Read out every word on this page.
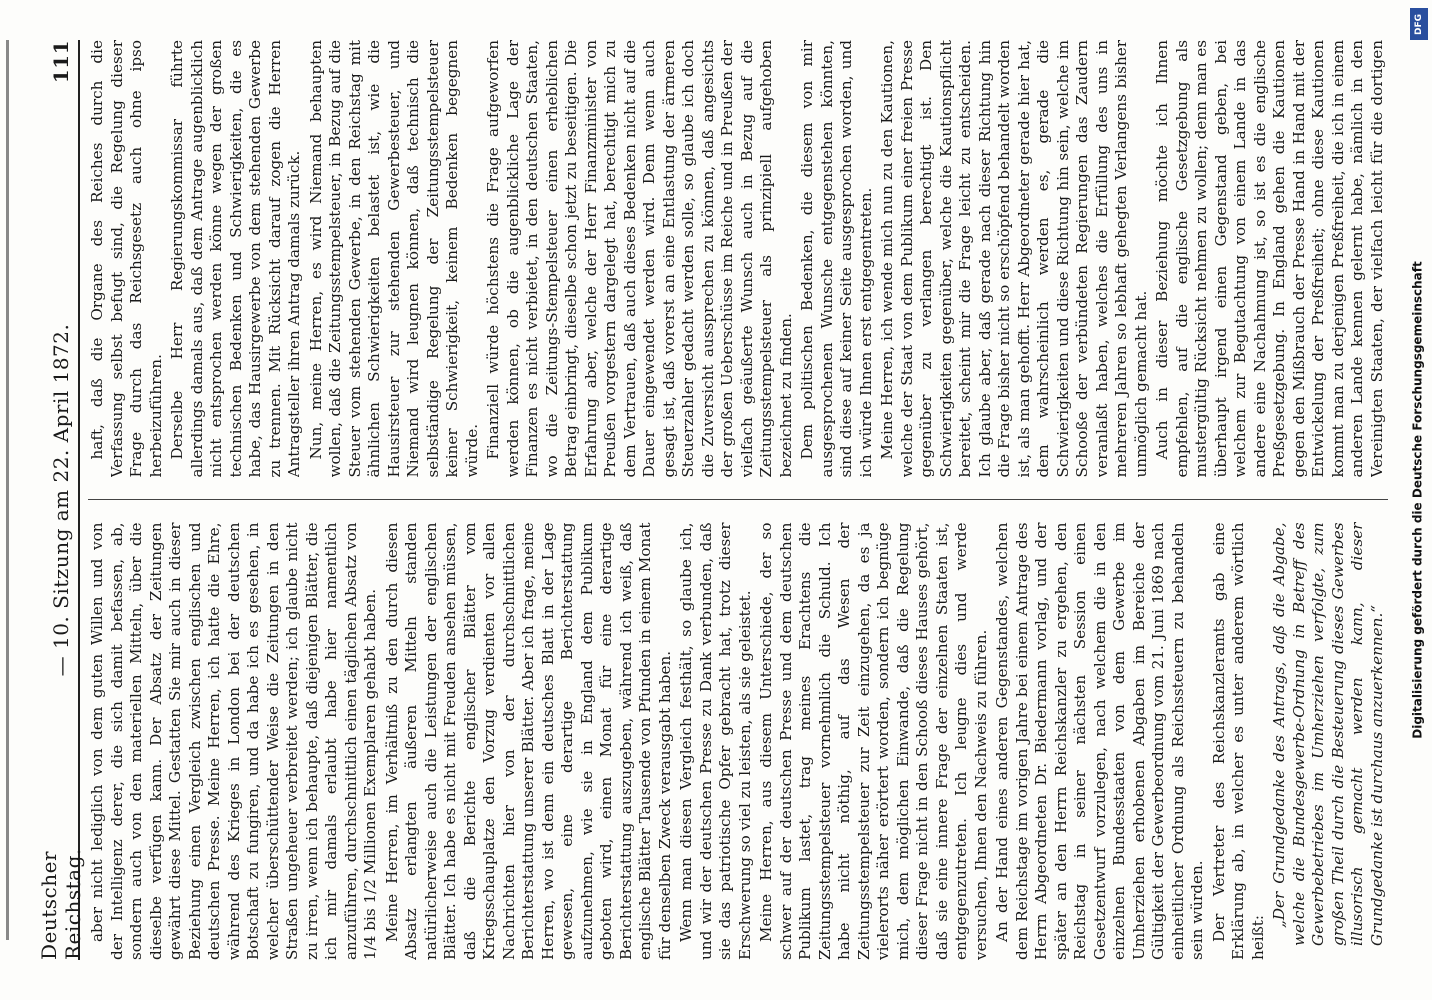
Deutscher Reichstag.
— 10. Sitzung am 22. April 1872.
111

aber nicht lediglich von dem guten Willen und von der Intelligenz derer, die sich damit befassen, ab, sondern auch von den materiellen Mitteln, über die dieselbe verfügen kann. Der Absatz der Zeitungen gewährt diese Mittel. Gestatten Sie mir auch in dieser Beziehung einen Vergleich zwischen englischen und deutschen Presse. Meine Herren, ich hatte die Ehre, während des Krieges in London bei der deutschen Botschaft zu fungiren, und da habe ich es gesehen, in welcher überschüttender Weise die Zeitungen in den Straßen ungeheuer verbreitet werden; ich glaube nicht zu irren, wenn ich behaupte, daß diejenigen Blätter, die ich mir damals erlaubt habe hier namentlich anzuführen, durchschnittlich einen täglichen Absatz von 1/4 bis 1/2 Millionen Exemplaren gehabt haben. Meine Herren, im Verhältniß zu den durch diesen Absatz erlangten äußeren Mitteln standen natürlicherweise auch die Leistungen der englischen Blätter. Ich habe es nicht mit Freuden ansehen müssen, daß die Berichte englischer Blätter vom Kriegsschauplatze den Vorzug verdienten vor allen Nachrichten hier von der durchschnittlichen Berichterstattung unserer Blätter. Aber ich frage, meine Herren, wo ist denn ein deutsches Blatt in der Lage gewesen, eine derartige Berichterstattung aufzunehmen, wie sie in England dem Publikum geboten wird, einen Monat für eine derartige Berichterstattung auszugeben, während ich weiß, daß englische Blätter Tausende von Pfunden in einem Monat für denselben Zweck verausgabt haben. Wenn man diesen Vergleich festhält, so glaube ich, und wir der deutschen Presse zu Dank verbunden, daß sie das patriotische Opfer gebracht hat, trotz dieser Erschwerung so viel zu leisten, als sie geleistet. Meine Herren, aus diesem Unterschiede, der so schwer auf der deutschen Presse und dem deutschen Publikum lastet, trag meines Erachtens die Zeitungsstempelsteuer vornehmlich die Schuld. Ich habe nicht nöthig, auf das Wesen der Zeitungsstempelsteuer zur Zeit einzugehen, da es ja vielerorts näher erörtert worden, sondern ich begnüge mich, dem möglichen Einwande, daß die Regelung dieser Frage nicht in den Schooß dieses Hauses gehört, daß sie eine innere Frage der einzelnen Staaten ist, entgegenzutreten. Ich leugne dies und werde versuchen, Ihnen den Nachweis zu führen. An der Hand eines anderen Gegenstandes, welchen dem Reichstage im vorigen Jahre bei einem Antrage des Herrn Abgeordneten Dr. Biedermann vorlag, und der später an den Herrn Reichskanzler zu ergehen, den Reichstag in seiner nächsten Session einen Gesetzentwurf vorzulegen, nach welchem die in den einzelnen Bundesstaaten von dem Gewerbe im Umherziehen erhobenen Abgaben im Bereiche der Gültigkeit der Gewerbeordnung vom 21. Juni 1869 nach einheitlicher Ordnung als Reichssteuern zu behandeln sein würden. Der Vertreter des Reichskanzleramts gab eine Erklärung ab, in welcher es unter anderem wörtlich heißt:

„Der Grundgedanke des Antrags, daß die Abgabe, welche die Bundesgewerbe-Ordnung in Betreff des Gewerbebetriebes im Umherziehen verfolgte, zum großen Theil durch die Besteuerung dieses Gewerbes illusorisch gemacht werden kann, dieser Grundgedanke ist durchaus anzuerkennen.“

haft, daß die Organe des Reiches durch die Verfassung selbst befugt sind, die Regelung dieser Frage durch das Reichsgesetz auch ohne ipso herbeizuführen. Derselbe Herr Regierungskommissar führte allerdings damals aus, daß dem Antrage augenblicklich nicht entsprochen werden könne wegen der großen technischen Bedenken und Schwierigkeiten, die es habe, das Hausirgewerbe von dem stehenden Gewerbe zu trennen. Mit Rücksicht darauf zogen die Herren Antragsteller ihren Antrag damals zurück. Nun, meine Herren, es wird Niemand behaupten wollen, daß die Zeitungsstempelsteuer, in Bezug auf die Steuer vom stehenden Gewerbe, in den Reichstag mit ähnlichen Schwierigkeiten belastet ist, wie die Hausirsteuer zur stehenden Gewerbesteuer, und Niemand wird leugnen können, daß technisch die selbständige Regelung der Zeitungsstempelsteuer keiner Schwierigkeit, keinem Bedenken begegnen würde. Finanziell würde höchstens die Frage aufgeworfen werden können, ob die augenblickliche Lage der Finanzen es nicht verbietet, in den deutschen Staaten, wo die Zeitungs-Stempelsteuer einen erheblichen Betrag einbringt, dieselbe schon jetzt zu beseitigen. Die Erfahrung aber, welche der Herr Finanzminister von Preußen vorgestern dargelegt hat, berechtigt mich zu dem Vertrauen, daß auch dieses Bedenken nicht auf die Dauer eingewendet werden wird. Denn wenn auch gesagt ist, daß vorerst an eine Entlastung der ärmeren Steuerzahler gedacht werden solle, so glaube ich doch die Zuversicht aussprechen zu können, daß angesichts der großen Ueberschüsse im Reiche und in Preußen der vielfach geäußerte Wunsch auch in Bezug auf die Zeitungsstempelsteuer als prinzipiell aufgehoben bezeichnet zu finden. Dem politischen Bedenken, die diesem von mir ausgesprochenen Wunsche entgegenstehen könnten, sind diese auf keiner Seite ausgesprochen worden, und ich würde Ihnen erst entgegentreten. Meine Herren, ich wende mich nun zu den Kautionen, welche der Staat von dem Publikum einer freien Presse gegenüber zu verlangen berechtigt ist. Den Schwierigkeiten gegenüber, welche die Kautionspflicht bereitet, scheint mir die Frage leicht zu entscheiden. Ich glaube aber, daß gerade nach dieser Richtung hin die Frage bisher nicht so erschöpfend behandelt worden ist, als man gehofft. Herr Abgeordneter gerade hier hat, dem wahrscheinlich werden es, gerade die Schwierigkeiten und diese Richtung hin sein, welche im Schooße der verbündeten Regierungen das Zaudern veranlaßt haben, welches die Erfüllung des uns in mehreren Jahren so lebhaft gehegten Verlangens bisher unmöglich gemacht hat. Auch in dieser Beziehung möchte ich Ihnen empfehlen, auf die englische Gesetzgebung als mustergültig Rücksicht nehmen zu wollen; denn man es überhaupt irgend einen Gegenstand geben, bei welchem zur Begutachtung von einem Lande in das andere eine Nachahmung ist, so ist es die englische Preßgesetzgebung. In England gehen die Kautionen gegen den Mißbrauch der Presse Hand in Hand mit der Entwickelung der Preßfreiheit; ohne diese Kautionen kommt man zu derjenigen Preßfreiheit, die ich in einem anderen Lande kennen gelernt habe, nämlich in den Vereinigten Staaten, der vielfach leicht für die dortigen

DFG
Digitalisierung gefördert durch die Deutsche Forschungsgemeinschaft
